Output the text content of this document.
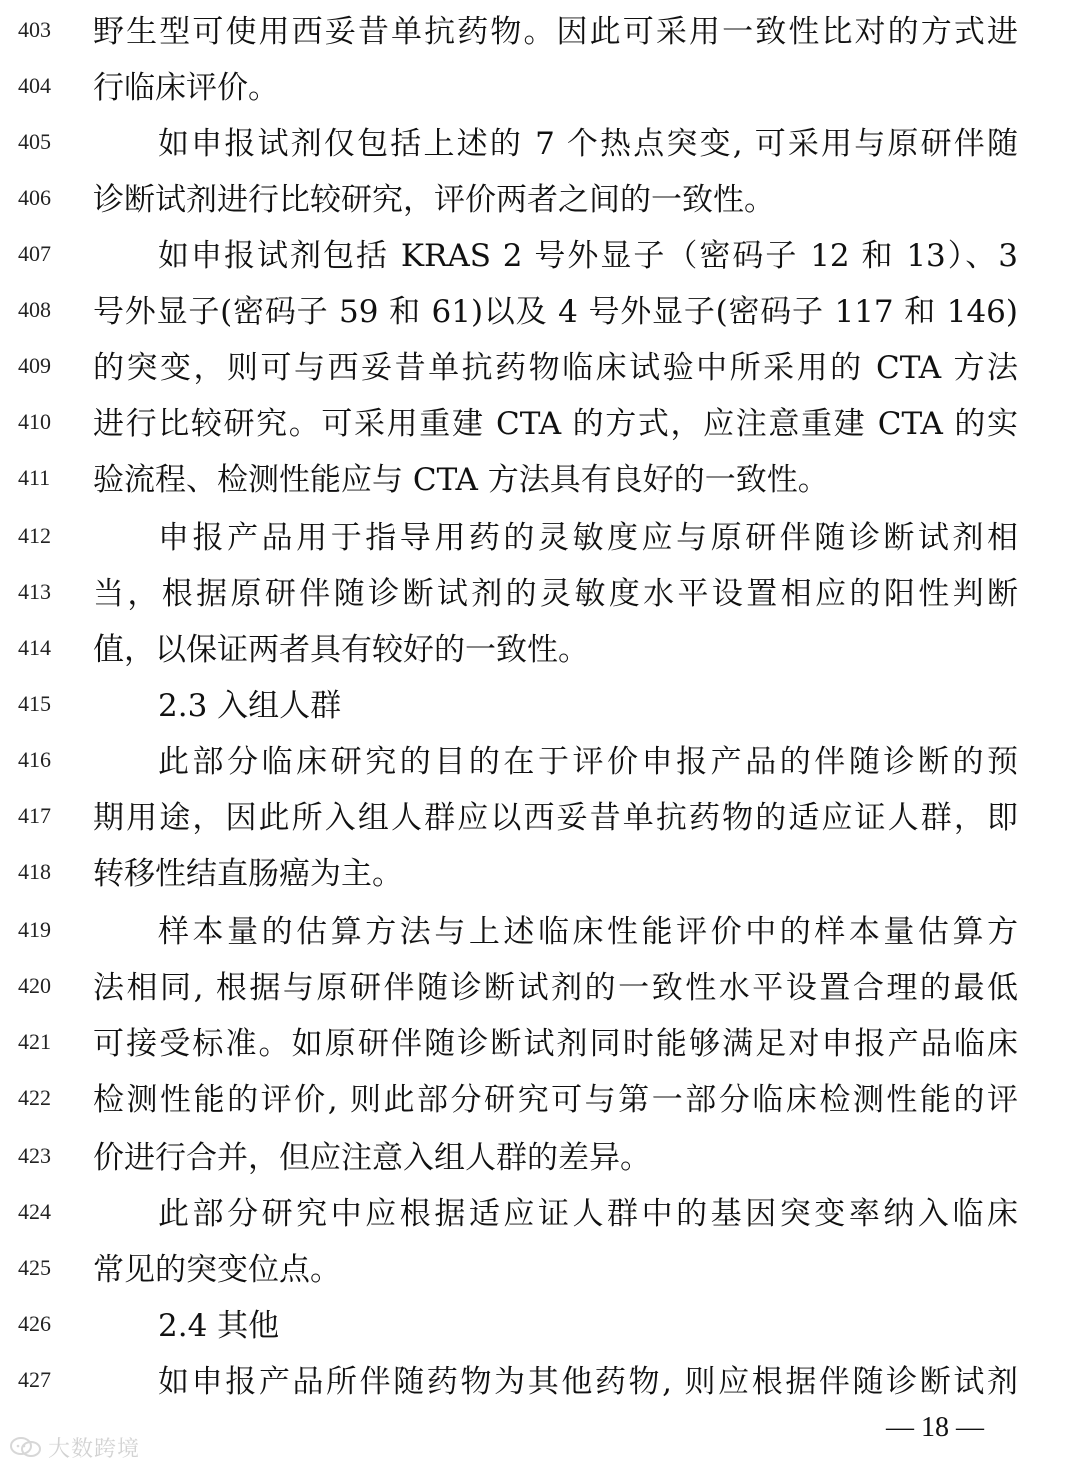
403	野生型可使用西妥昔单抗药物。因此可采用一致性比对的方式进
404	行临床评价。
405	如申报试剂仅包括上述的 7 个热点突变, 可采用与原研伴随
406	诊断试剂进行比较研究，评价两者之间的一致性。
407	如申报试剂包括 KRAS 2 号外显子（密码子 12 和 13）、3
408	号外显子(密码子 59 和 61)以及 4 号外显子(密码子 117 和 146)
409	的突变，则可与西妥昔单抗药物临床试验中所采用的 CTA 方法
410	进行比较研究。可采用重建 CTA 的方式，应注意重建 CTA 的实
411	验流程、检测性能应与 CTA 方法具有良好的一致性。
412	申报产品用于指导用药的灵敏度应与原研伴随诊断试剂相
413	当，根据原研伴随诊断试剂的灵敏度水平设置相应的阳性判断
414	值，以保证两者具有较好的一致性。
415	2.3 入组人群
416	此部分临床研究的目的在于评价申报产品的伴随诊断的预
417	期用途，因此所入组人群应以西妥昔单抗药物的适应证人群，即
418	转移性结直肠癌为主。
419	样本量的估算方法与上述临床性能评价中的样本量估算方
420	法相同, 根据与原研伴随诊断试剂的一致性水平设置合理的最低
421	可接受标准。如原研伴随诊断试剂同时能够满足对申报产品临床
422	检测性能的评价, 则此部分研究可与第一部分临床检测性能的评
423	价进行合并，但应注意入组人群的差异。
424	此部分研究中应根据适应证人群中的基因突变率纳入临床
425	常见的突变位点。
426	2.4 其他
427	如申报产品所伴随药物为其他药物, 则应根据伴随诊断试剂
— 18 —
大数跨境
